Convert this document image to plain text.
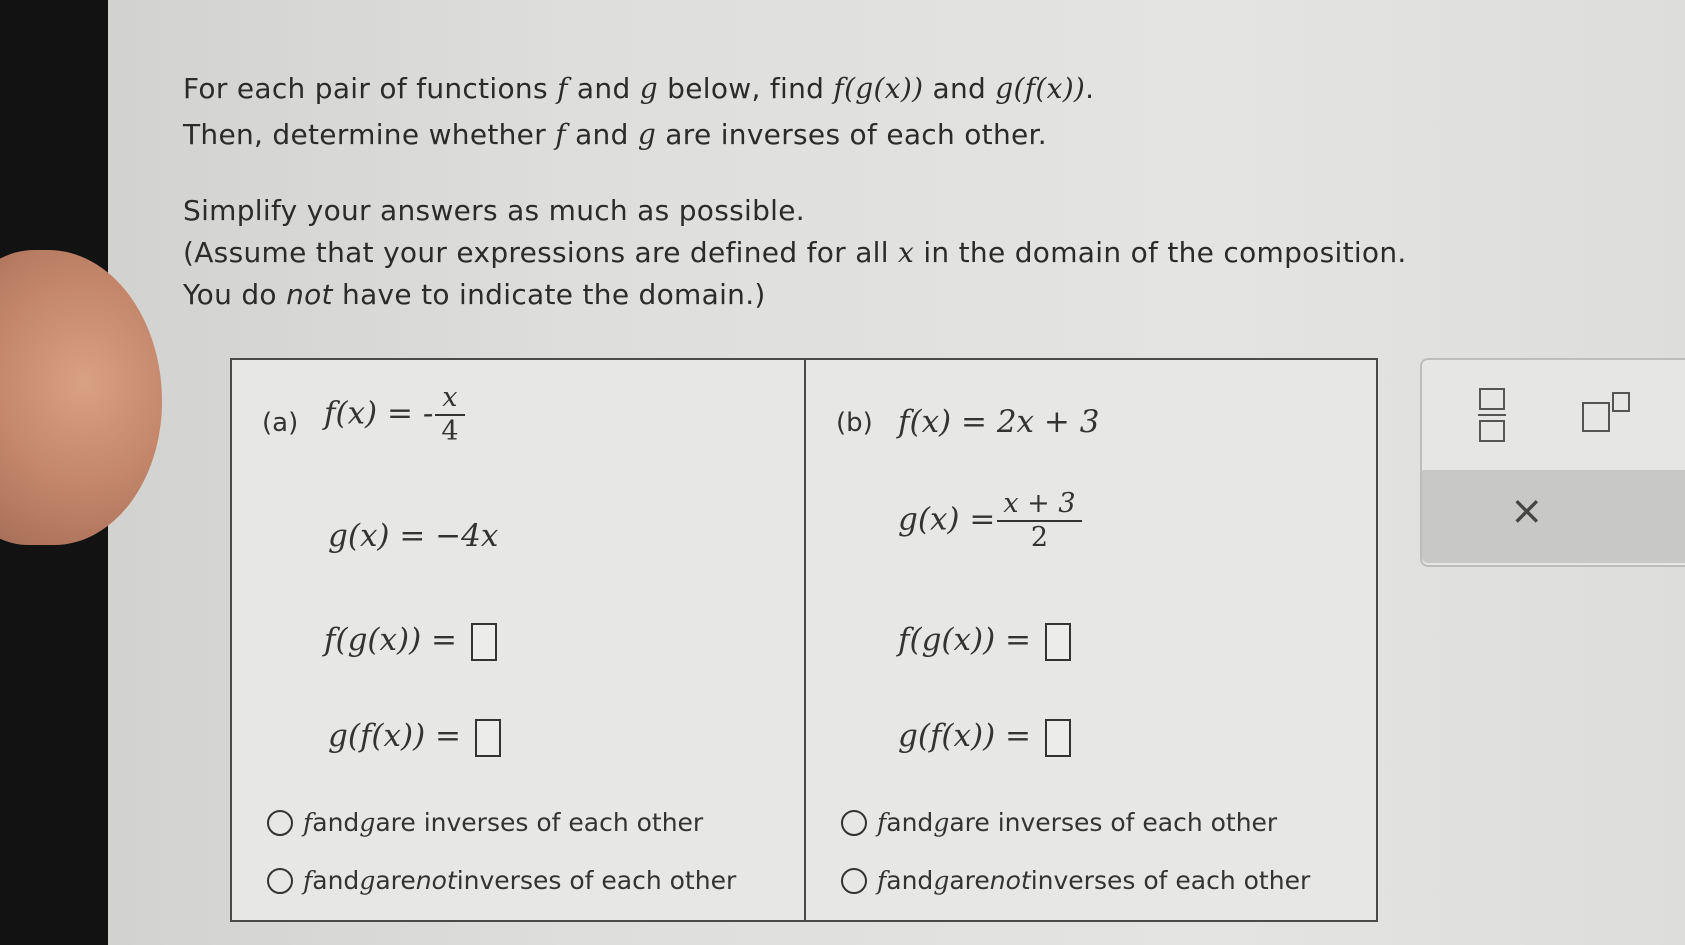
For each pair of functions f and g below, find f(g(x)) and g(f(x)).
Then, determine whether f and g are inverses of each other.
Simplify your answers as much as possible.
(Assume that your expressions are defined for all x in the domain of the composition.
You do not have to indicate the domain.)
(a) f(x) = - $\frac{x}{4}$
g(x) = −4x
f(g(x)) =
g(f(x)) =
f and g are inverses of each other
f and g are not inverses of each other
(b) f(x) = 2x + 3
$g(x) = \frac{x + 3}{2}$
f(g(x)) =
g(f(x)) =
f and g are inverses of each other
f and g are not inverses of each other
×
